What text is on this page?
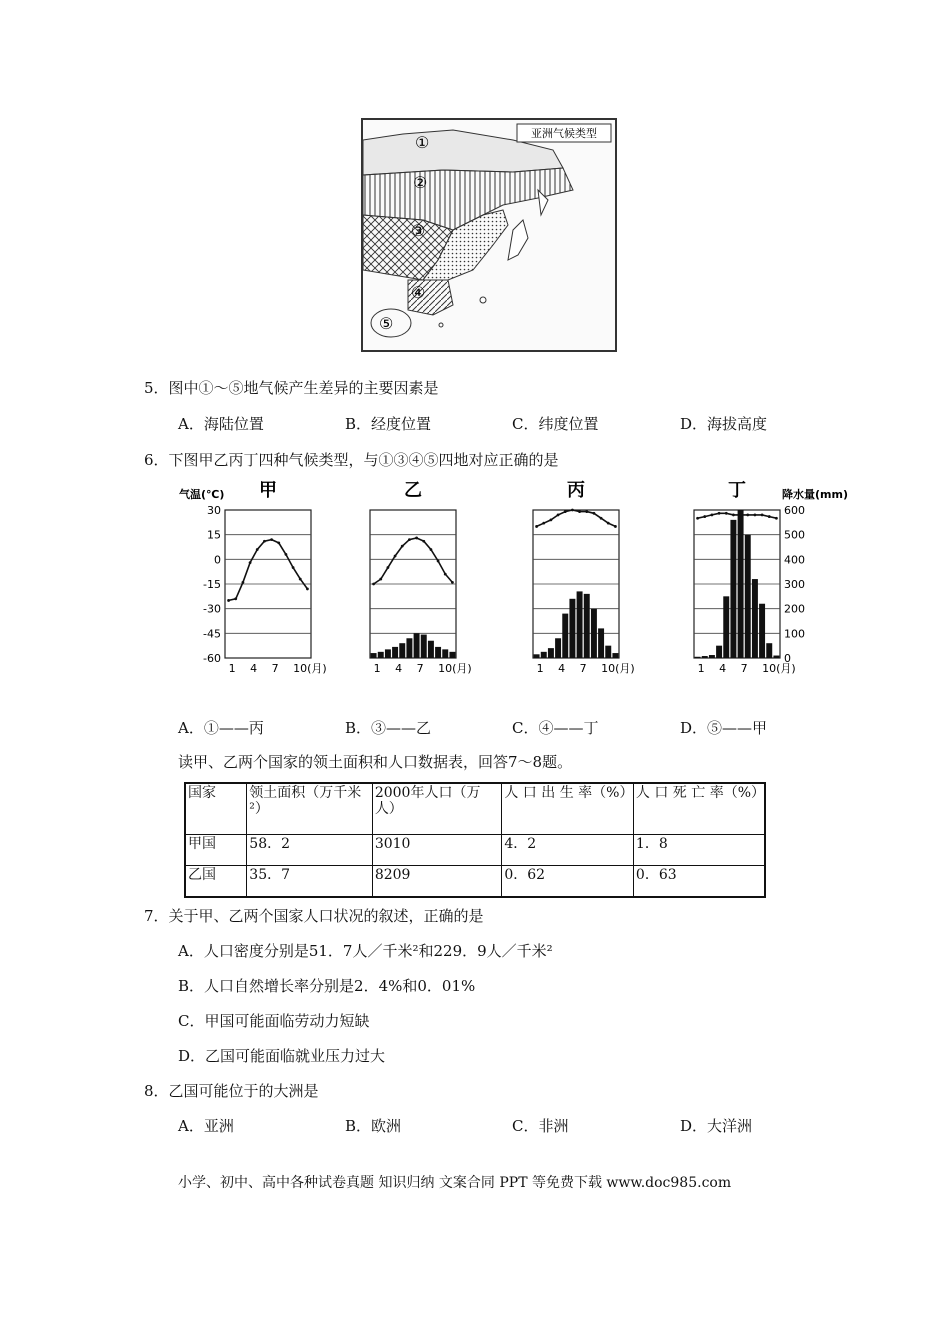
亚洲气候类型
①
②
③
④
⑤
5．图中①～⑤地气候产生差异的主要因素是
A．海陆位置	B．经度位置	C．纬度位置	D．海拔高度
6．下图甲乙丙丁四种气候类型，与①③④⑤四地对应正确的是
甲
1 4 7 10(月)
30
15
0
-15
-30
-45
-60
气温(℃)	乙
1 4 7 10(月)
丙
1 4 7 10(月)
丁
1 4 7 10(月)
600
500
400
300
200
100
0
降水量(mm)
A．①——丙	B．③——乙	C．④——丁	D．⑤——甲
读甲、乙两个国家的领土面积和人口数据表，回答7～8题。
国家	领土面积（万千米²）	2000年人口（万人）	人 口 出 生 率（%）	人 口 死 亡 率（%）
甲国	58．2	3010	4．2	1．8
乙国	35．7	8209	0．62	0．63
7．关于甲、乙两个国家人口状况的叙述，正确的是
A．人口密度分别是51．7人／千米²和229．9人／千米²
B．人口自然增长率分别是2．4%和0．01%
C．甲国可能面临劳动力短缺
D．乙国可能面临就业压力过大
8．乙国可能位于的大洲是
A．亚洲	B．欧洲	C．非洲	D．大洋洲
小学、初中、高中各种试卷真题 知识归纳 文案合同 PPT 等免费下载 www.doc985.com
